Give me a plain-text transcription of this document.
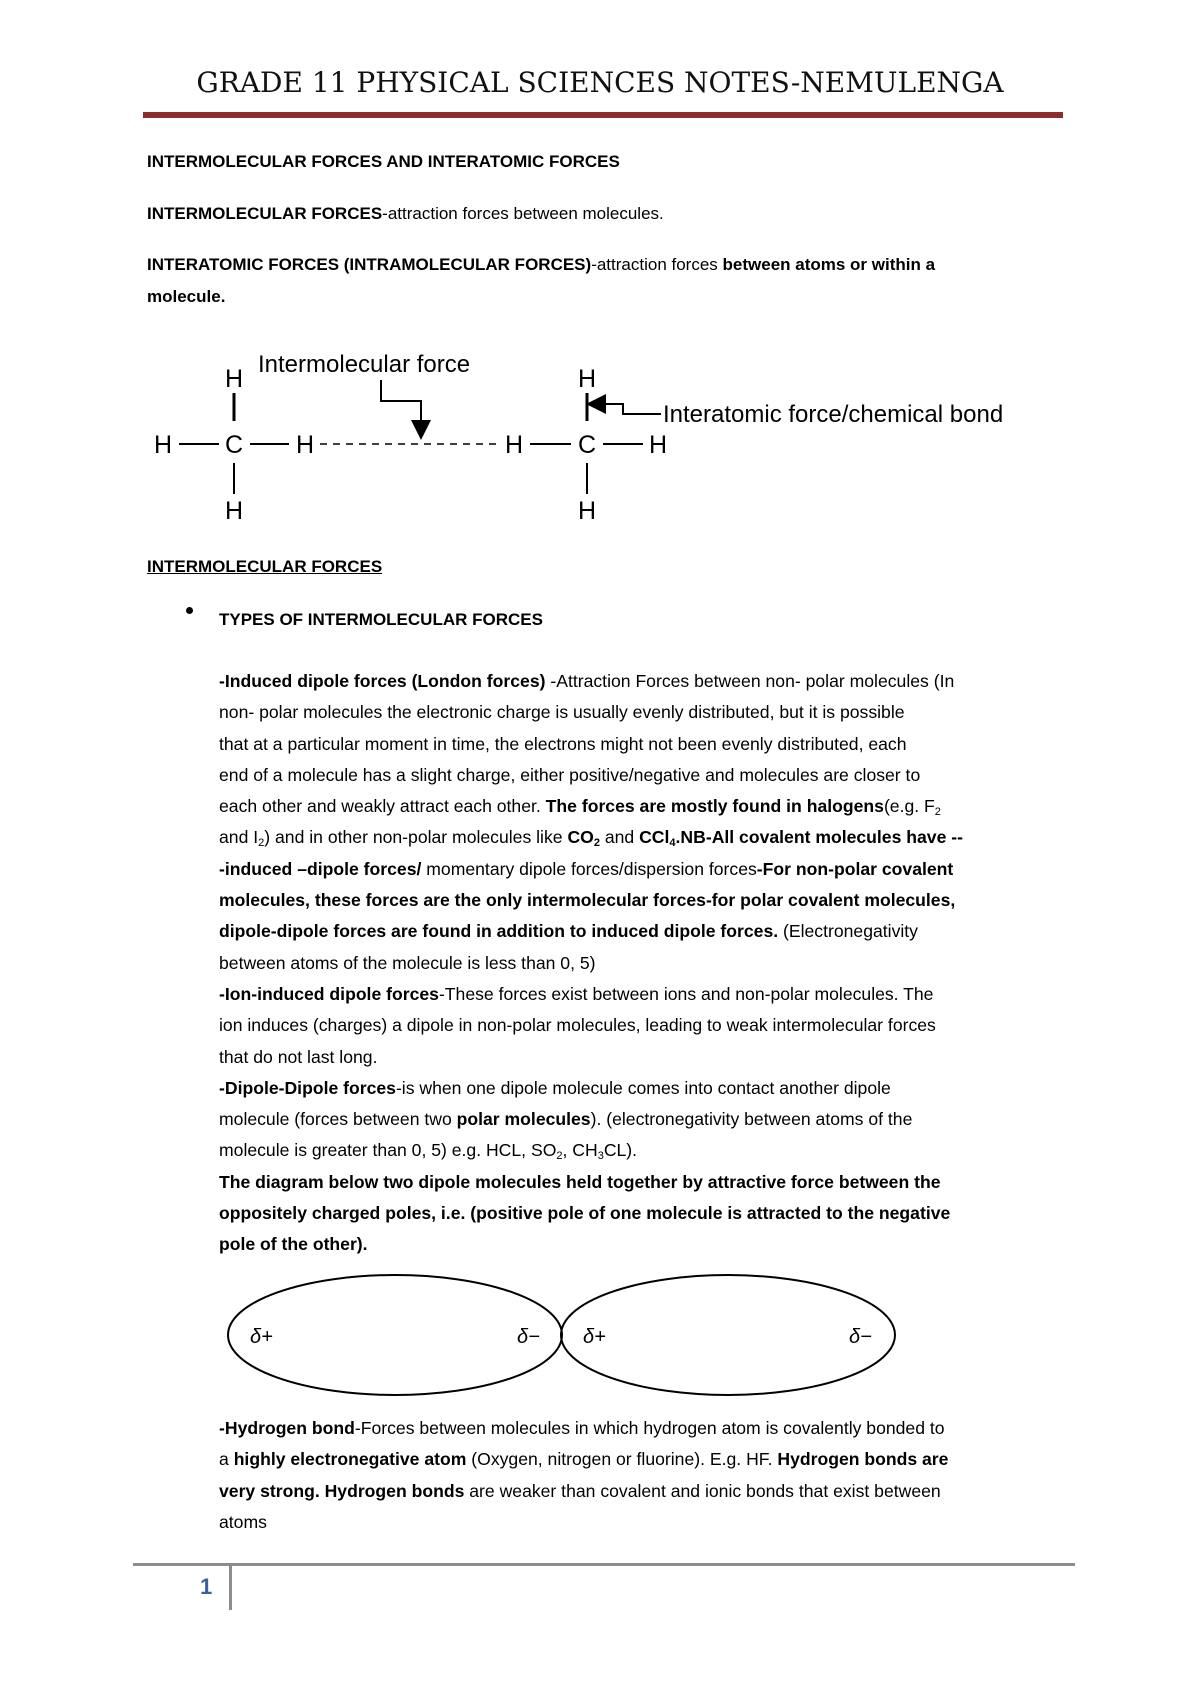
GRADE 11 PHYSICAL SCIENCES NOTES-NEMULENGA
INTERMOLECULAR FORCES AND INTERATOMIC FORCES
INTERMOLECULAR FORCES-attraction forces between molecules.
INTERATOMIC FORCES (INTRAMOLECULAR FORCES)-attraction forces between atoms or within a
molecule.
H
H C H
H
H
H C H
H
Intermolecular force
Interatomic force/chemical bond
INTERMOLECULAR FORCES
TYPES OF INTERMOLECULAR FORCES

-Induced dipole forces (London forces) -Attraction Forces between non- polar molecules (In

non- polar molecules the electronic charge is usually evenly distributed, but it is possible

that at a particular moment in time, the electrons might not been evenly distributed, each

end of a molecule has a slight charge, either positive/negative and molecules are closer to

each other and weakly attract each other. The forces are mostly found in halogens(e.g. $F_2$

and $I_2$) and in other non-polar molecules like $CO_2$ and CCl$_4$.NB-All covalent molecules have --

-induced –dipole forces/ momentary dipole forces/dispersion forces-For non-polar covalent

molecules, these forces are the only intermolecular forces-for polar covalent molecules,

dipole-dipole forces are found in addition to induced dipole forces. (Electronegativity

between atoms of the molecule is less than 0, 5)

-Ion-induced dipole forces-These forces exist between ions and non-polar molecules. The

ion induces (charges) a dipole in non-polar molecules, leading to weak intermolecular forces

that do not last long.

-Dipole-Dipole forces-is when one dipole molecule comes into contact another dipole

molecule (forces between two polar molecules). (electronegativity between atoms of the

molecule is greater than 0, 5) e.g. HCL, $SO_2$, $CH_3CL$).

The diagram below two dipole molecules held together by attractive force between the

oppositely charged poles, i.e. (positive pole of one molecule is attracted to the negative

pole of the other).

δ+	δ− δ+	δ−

-Hydrogen bond-Forces between molecules in which hydrogen atom is covalently bonded to

a highly electronegative atom (Oxygen, nitrogen or fluorine). E.g. HF. Hydrogen bonds are

very strong. Hydrogen bonds are weaker than covalent and ionic bonds that exist between

atoms

1
